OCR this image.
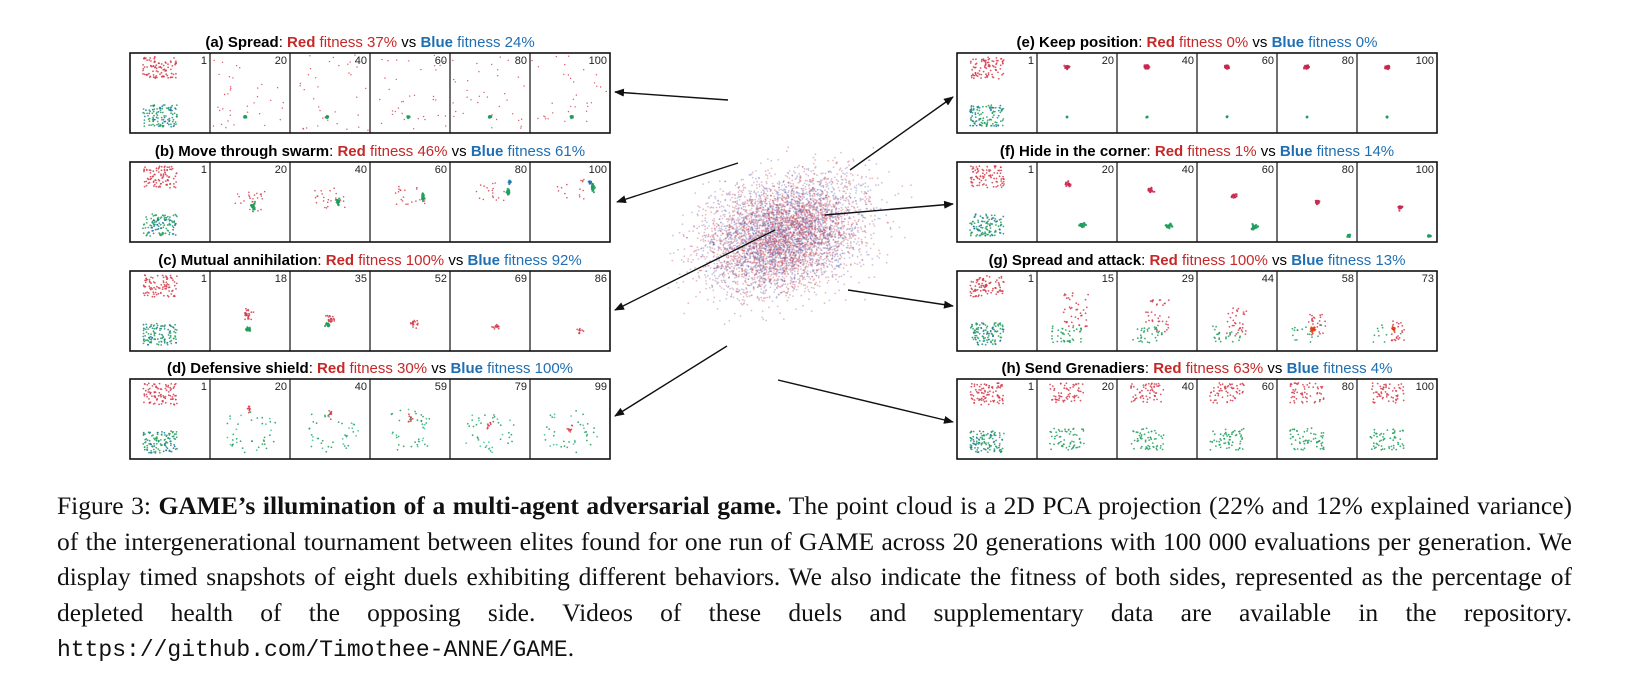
(a) Spread: Red fitness 37% vs Blue fitness 24%
1	20	40	60	80	100
(b) Move through swarm: Red fitness 46% vs Blue fitness 61%
1	20	40	60	80	100
(c) Mutual annihilation: Red fitness 100% vs Blue fitness 92%
1	18	35	52	69	86
(d) Defensive shield: Red fitness 30% vs Blue fitness 100%
1	20	40	59	79	99
(e) Keep position: Red fitness 0% vs Blue fitness 0%
1	20	40	60	80	100
(f) Hide in the corner: Red fitness 1% vs Blue fitness 14%
1	20	40	60	80	100
(g) Spread and attack: Red fitness 100% vs Blue fitness 13%
1	15	29	44	58	73
(h) Send Grenadiers: Red fitness 63% vs Blue fitness 4%
1	20	40	60	80	100
Figure 3: GAME’s illumination of a multi-agent adversarial game. The point cloud is a 2D PCA projection (22% and 12% explained variance) of the intergenerational tournament between elites found for one run of GAME across 20 generations with 100 000 evaluations per generation. We display timed snapshots of eight duels exhibiting different behaviors. We also indicate the fitness of both sides, represented as the percentage of depleted health of the opposing side. Videos of these duels and supplementary data are available in the repository. https://github.com/Timothee-ANNE/GAME.
